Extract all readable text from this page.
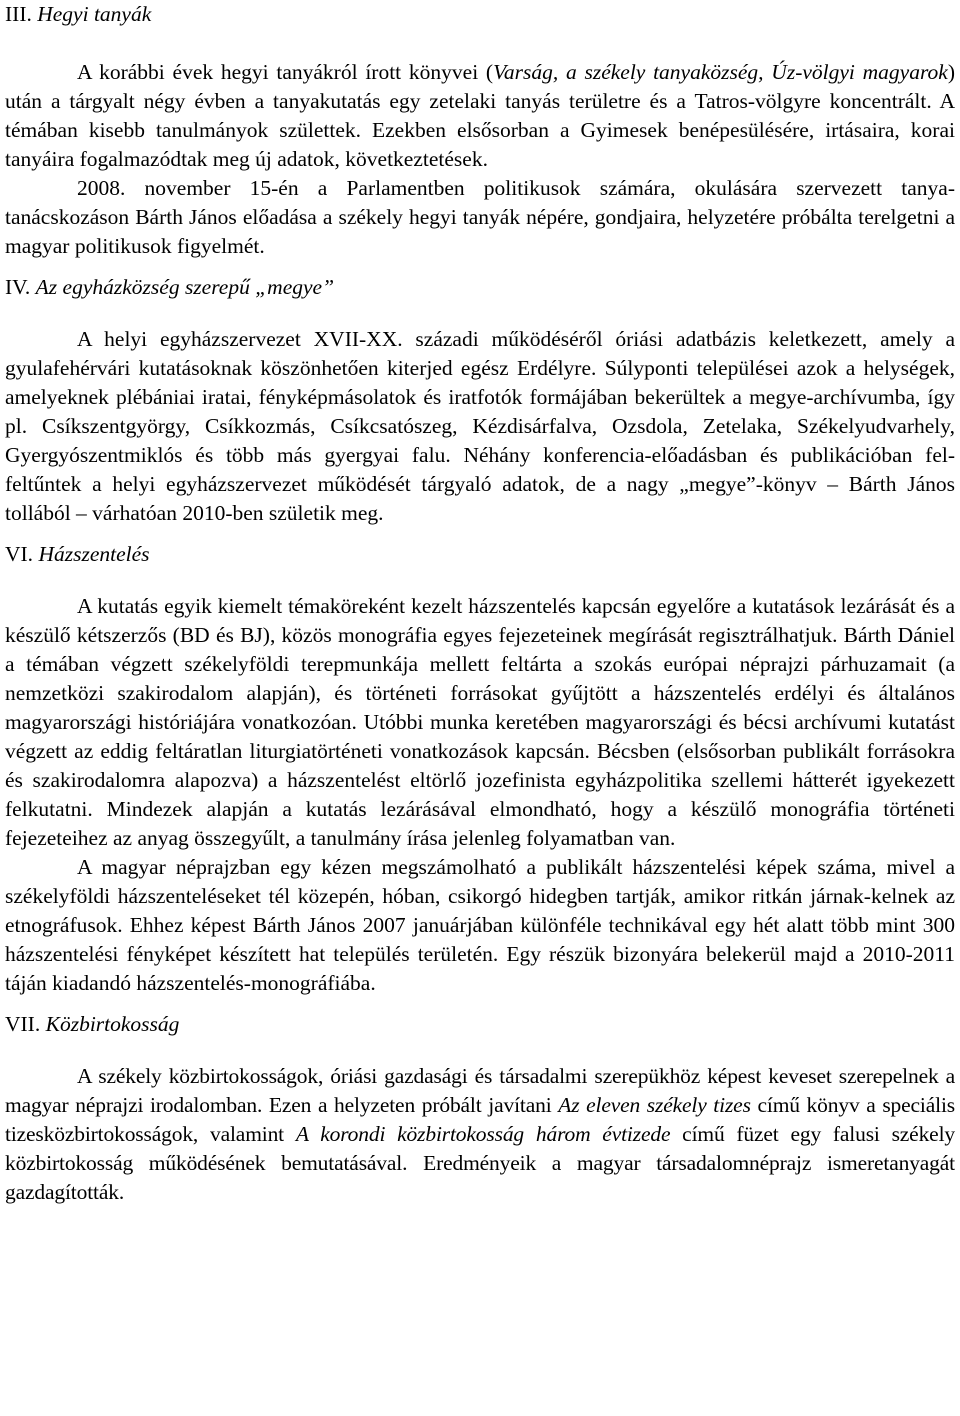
III. Hegyi tanyák

A korábbi évek hegyi tanyákról írott könyvei (Varság, a székely tanyaközség, Úz-völgyi magyarok) után a tárgyalt négy évben a tanyakutatás egy zetelaki tanyás területre és a Tatros-völgyre koncentrált. A témában kisebb tanulmányok születtek. Ezekben elsősorban a Gyimesek benépesülésére, irtásaira, korai tanyáira fogalmazódtak meg új adatok, következtetések.

2008. november 15-én a Parlamentben politikusok számára, okulására szervezett tanya-tanácskozáson Bárth János előadása a székely hegyi tanyák népére, gondjaira, helyzetére próbálta terelgetni a magyar politikusok figyelmét.

IV. Az egyházközség szerepű „megye”

A helyi egyházszervezet XVII-XX. századi működéséről óriási adatbázis keletkezett, amely a gyulafehérvári kutatásoknak köszönhetően kiterjed egész Erdélyre. Súlyponti települései azok a helységek, amelyeknek plébániai iratai, fényképmásolatok és iratfotók formájában bekerültek a megye-archívumba, így pl. Csíkszentgyörgy, Csíkkozmás, Csíkcsatószeg, Kézdisárfalva, Ozsdola, Zetelaka, Székelyudvarhely, Gyergyószentmiklós és több más gyergyai falu. Néhány konferencia-előadásban és publikációban fel-feltűntek a helyi egyházszervezet működését tárgyaló adatok, de a nagy „megye”-könyv – Bárth János tollából – várhatóan 2010-ben születik meg.

VI. Házszentelés

A kutatás egyik kiemelt témaköreként kezelt házszentelés kapcsán egyelőre a kutatások lezárását és a készülő kétszerzős (BD és BJ), közös monográfia egyes fejezeteinek megírását regisztrálhatjuk. Bárth Dániel a témában végzett székelyföldi terepmunkája mellett feltárta a szokás európai néprajzi párhuzamait (a nemzetközi szakirodalom alapján), és történeti forrásokat gyűjtött a házszentelés erdélyi és általános magyarországi históriájára vonatkozóan. Utóbbi munka keretében magyarországi és bécsi archívumi kutatást végzett az eddig feltáratlan liturgiatörténeti vonatkozások kapcsán. Bécsben (elsősorban publikált forrásokra és szakirodalomra alapozva) a házszentelést eltörlő jozefinista egyházpolitika szellemi hátterét igyekezett felkutatni. Mindezek alapján a kutatás lezárásával elmondható, hogy a készülő monográfia történeti fejezeteihez az anyag összegyűlt, a tanulmány írása jelenleg folyamatban van.

A magyar néprajzban egy kézen megszámolható a publikált házszentelési képek száma, mivel a székelyföldi házszenteléseket tél közepén, hóban, csikorgó hidegben tartják, amikor ritkán járnak-kelnek az etnográfusok. Ehhez képest Bárth János 2007 januárjában különféle technikával egy hét alatt több mint 300 házszentelési fényképet készített hat település területén. Egy részük bizonyára belekerül majd a 2010-2011 táján kiadandó házszentelés-monográfiába.

VII. Közbirtokosság

A székely közbirtokosságok, óriási gazdasági és társadalmi szerepükhöz képest keveset szerepelnek a magyar néprajzi irodalomban. Ezen a helyzeten próbált javítani Az eleven székely tizes című könyv a speciális tizesközbirtokosságok, valamint A korondi közbirtokosság három évtizede című füzet egy falusi székely közbirtokosság működésének bemutatásával. Eredményeik a magyar társadalomnéprajz ismeretanyagát gazdagították.
